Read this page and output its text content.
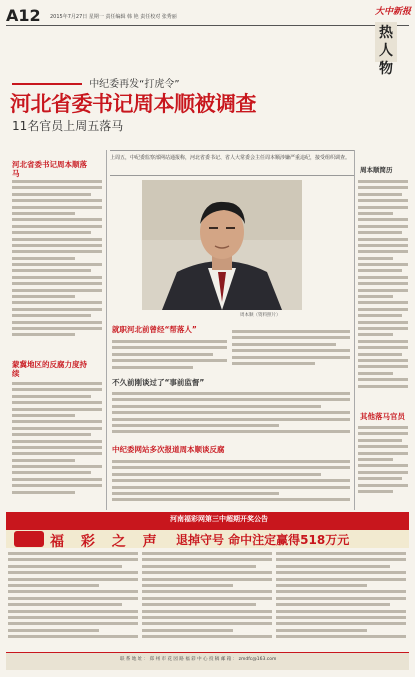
A12 2015年7月27日 星期一 责任编辑 韩 艳 责任校对 张秀丽	大中新报
热人物
中纪委再发“打虎令”
河北省委书记周本顺被调查
11名官员上周五落马
上周五，中纪委监察部网站通报称，河北省委书记、省人大常委会主任周本顺涉嫌严重违纪，接受组织调查。
河北省委书记周本顺落马
蒙冀地区的反腐力度持续
周本顺（资料照片）
就职河北前曾经“帮落人”
不久前刚谈过了“事前监督”
中纪委网站多次报道周本顺谈反腐
周本顺简历
其他落马官员
河南福彩网第三中超期开奖公告
福 彩 之 声 退掉守号 命中注定赢得518万元
联 系 地 址 ： 郑 州 市 花 园 路 福 彩 中 心 投 稿 邮 箱 ： zmdfc@163.com
